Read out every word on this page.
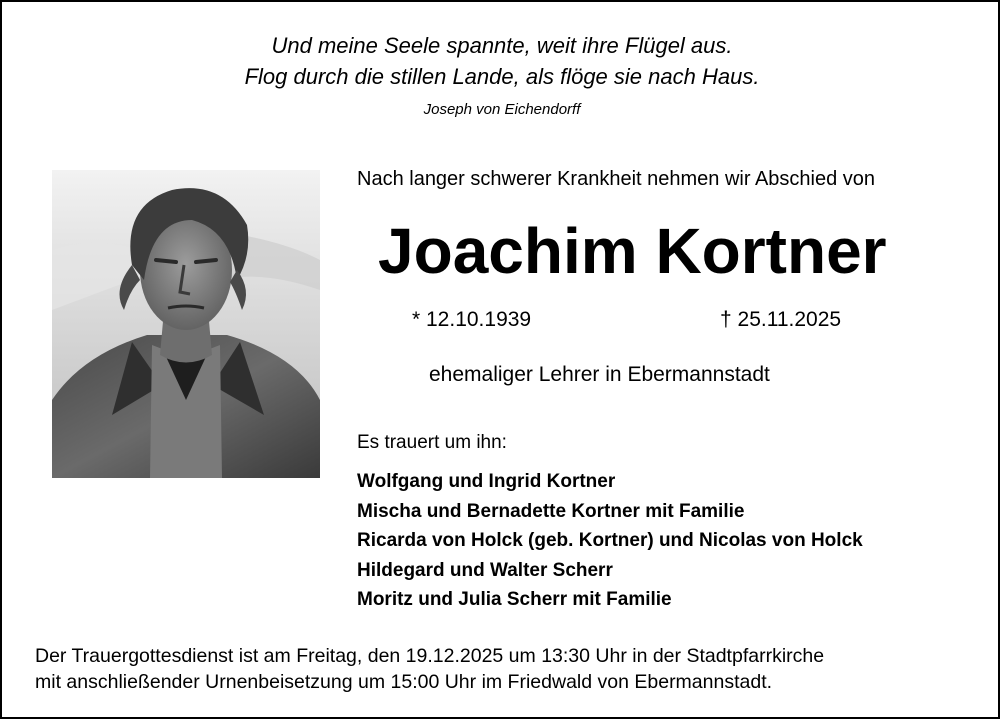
Und meine Seele spannte, weit ihre Flügel aus.
Flog durch die stillen Lande, als flöge sie nach Haus.
Joseph von Eichendorff
Nach langer schwerer Krankheit nehmen wir Abschied von
Joachim Kortner
* 12.10.1939	† 25.11.2025
ehemaliger Lehrer in Ebermannstadt
Es trauert um ihn:
Wolfgang und Ingrid Kortner
Mischa und Bernadette Kortner mit Familie
Ricarda von Holck (geb. Kortner) und Nicolas von Holck
Hildegard und Walter Scherr
Moritz und Julia Scherr mit Familie
Der Trauergottesdienst ist am Freitag, den 19.12.2025 um 13:30 Uhr in der Stadtpfarrkirche
mit anschließender Urnenbeisetzung um 15:00 Uhr im Friedwald von Ebermannstadt.
